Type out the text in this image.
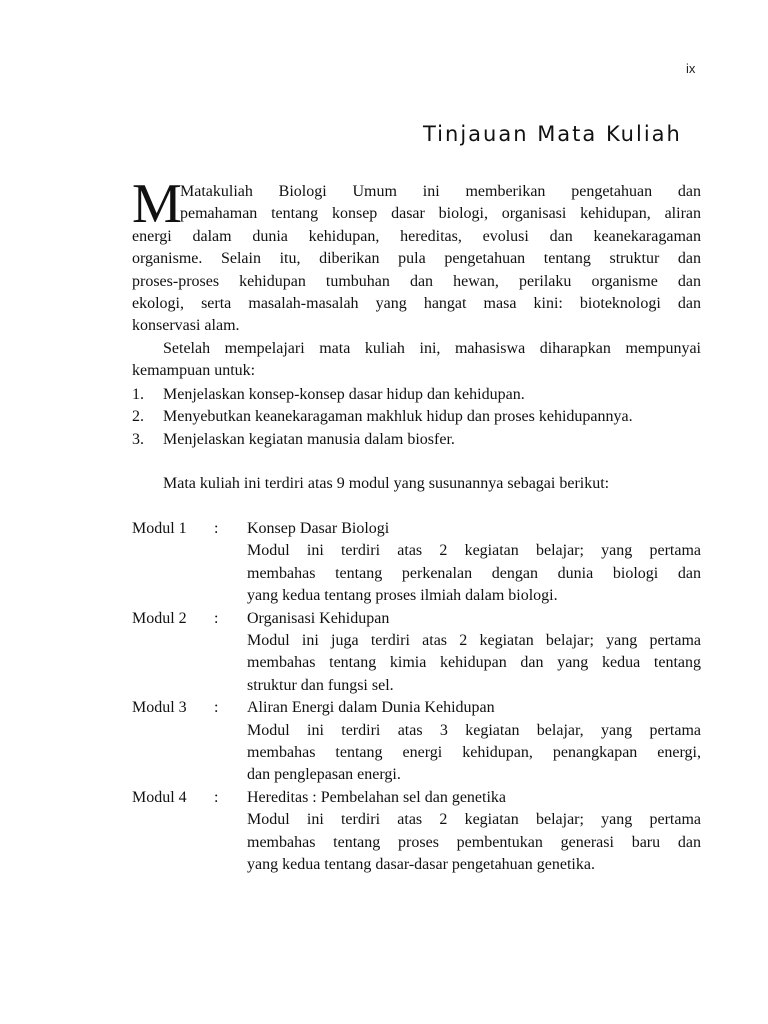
ix
Tinjauan Mata Kuliah
M
Matakuliah Biologi Umum ini memberikan pengetahuan dan
pemahaman tentang konsep dasar biologi, organisasi kehidupan, aliran
energi dalam dunia kehidupan, hereditas, evolusi dan keanekaragaman
organisme. Selain itu, diberikan pula pengetahuan tentang struktur dan
proses-proses kehidupan tumbuhan dan hewan, perilaku organisme dan
ekologi, serta masalah-masalah yang hangat masa kini: bioteknologi dan
konservasi alam.
Setelah mempelajari mata kuliah ini, mahasiswa diharapkan mempunyai
kemampuan untuk:
1. Menjelaskan konsep-konsep dasar hidup dan kehidupan.
2. Menyebutkan keanekaragaman makhluk hidup dan proses kehidupannya.
3. Menjelaskan kegiatan manusia dalam biosfer.
Mata kuliah ini terdiri atas 9 modul yang susunannya sebagai berikut:
Modul 1 : Konsep Dasar Biologi
Modul ini terdiri atas 2 kegiatan belajar; yang pertama
membahas tentang perkenalan dengan dunia biologi dan
yang kedua tentang proses ilmiah dalam biologi.
Modul 2 : Organisasi Kehidupan
Modul ini juga terdiri atas 2 kegiatan belajar; yang pertama
membahas tentang kimia kehidupan dan yang kedua tentang
struktur dan fungsi sel.
Modul 3 : Aliran Energi dalam Dunia Kehidupan
Modul ini terdiri atas 3 kegiatan belajar, yang pertama
membahas tentang energi kehidupan, penangkapan energi,
dan penglepasan energi.
Modul 4 : Hereditas : Pembelahan sel dan genetika
Modul ini terdiri atas 2 kegiatan belajar; yang pertama
membahas tentang proses pembentukan generasi baru dan
yang kedua tentang dasar-dasar pengetahuan genetika.
